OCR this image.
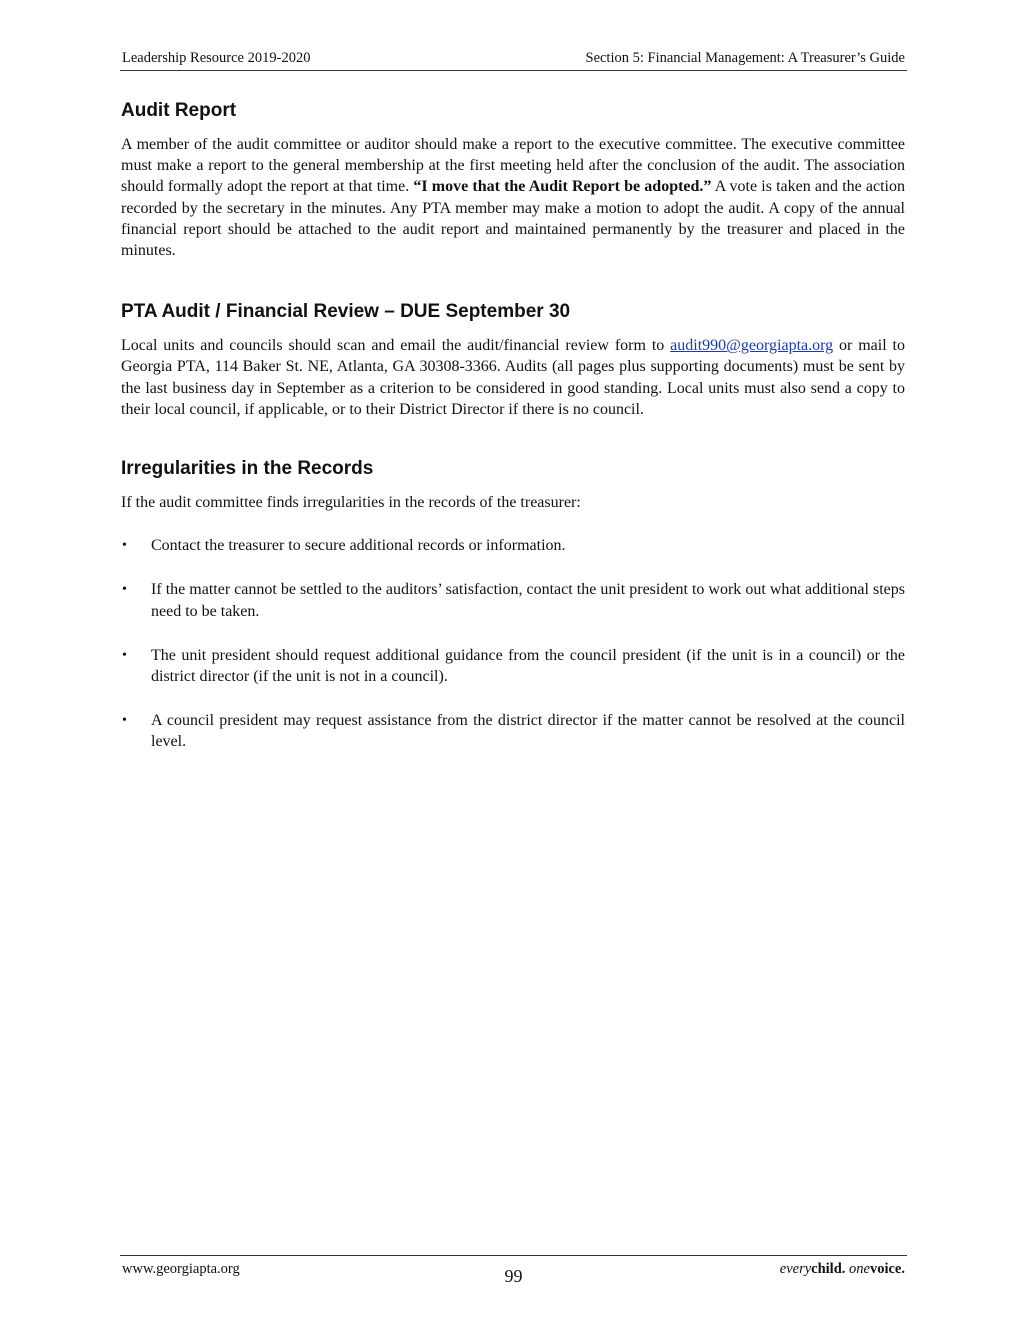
Leadership Resource 2019-2020	Section 5: Financial Management: A Treasurer’s Guide
Audit Report

A member of the audit committee or auditor should make a report to the executive committee. The executive committee must make a report to the general membership at the first meeting held after the conclusion of the audit. The association should formally adopt the report at that time. “I move that the Audit Report be adopted.” A vote is taken and the action recorded by the secretary in the minutes. Any PTA member may make a motion to adopt the audit. A copy of the annual financial report should be attached to the audit report and maintained permanently by the treasurer and placed in the minutes.

PTA Audit / Financial Review – DUE September 30

Local units and councils should scan and email the audit/financial review form to audit990@georgiapta.org or mail to Georgia PTA, 114 Baker St. NE, Atlanta, GA 30308-3366. Audits (all pages plus supporting documents) must be sent by the last business day in September as a criterion to be considered in good standing. Local units must also send a copy to their local council, if applicable, or to their District Director if there is no council.

Irregularities in the Records

If the audit committee finds irregularities in the records of the treasurer:

• Contact the treasurer to secure additional records or information.
• If the matter cannot be settled to the auditors’ satisfaction, contact the unit president to work out what additional steps need to be taken.
• The unit president should request additional guidance from the council president (if the unit is in a council) or the district director (if the unit is not in a council).
• A council president may request assistance from the district director if the matter cannot be resolved at the council level.
www.georgiapta.org	99	everychild. onevoice.
